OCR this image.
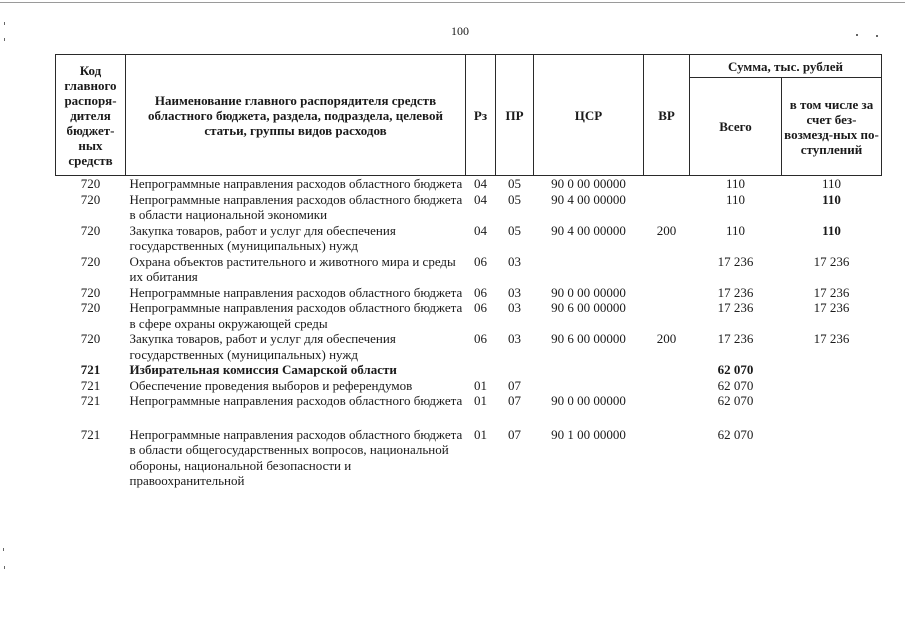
100
Код главного распоря-дителя бюджет-ных средств	Наименование главного распорядителя средств областного бюджета, раздела, подраздела, целевой статьи, группы видов расходов	Рз	ПР	ЦСР	ВР	Сумма, тыс. рублей	
						Всего	в том числе за счет без-возмезд-ных по-ступлений
720	Непрограммные направления расходов областного бюджета	04	05	90 0 00 00000		110	110
720	Непрограммные направления расходов областного бюджета в области национальной экономики	04	05	90 4 00 00000		110	110
720	Закупка товаров, работ и услуг для обеспечения государственных (муниципальных) нужд	04	05	90 4 00 00000	200	110	110
720	Охрана объектов растительного и животного мира и среды их обитания	06	03			17 236	17 236
720	Непрограммные направления расходов областного бюджета	06	03	90 0 00 00000		17 236	17 236
720	Непрограммные направления расходов областного бюджета в сфере охраны окружающей среды	06	03	90 6 00 00000		17 236	17 236
720	Закупка товаров, работ и услуг для обеспечения государственных (муниципальных) нужд	06	03	90 6 00 00000	200	17 236	17 236
721	Избирательная комиссия Самарской области					62 070	
721	Обеспечение проведения выборов и референдумов	01	07			62 070	
721	Непрограммные направления расходов областного бюджета	01	07	90 0 00 00000		62 070	

721	Непрограммные направления расходов областного бюджета в области общегосударственных вопросов, национальной обороны, национальной безопасности и правоохранительной	01	07	90 1 00 00000		62 070	
